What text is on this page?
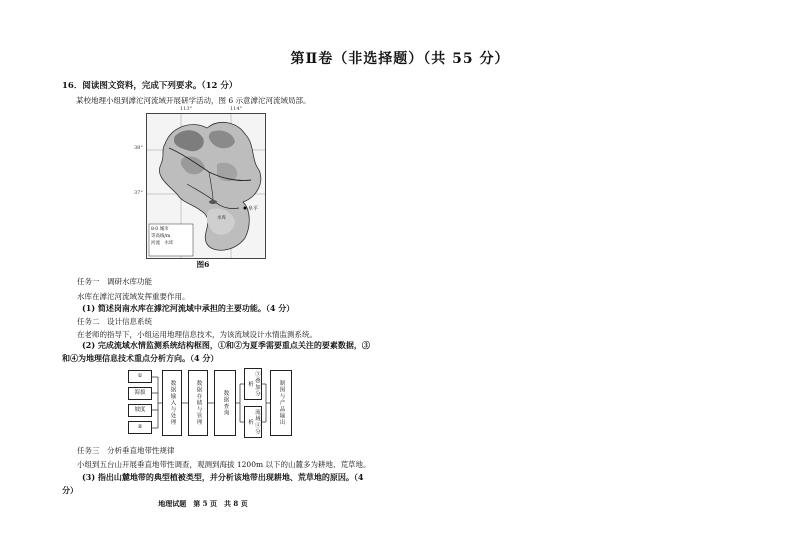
第Ⅱ卷（非选择题）（共 55 分）
16．阅读图文资料，完成下列要求。（12 分）
某校地理小组到滹沱河流域开展研学活动，图 6 示意滹沱河流域局部。
113°	114°
38°
37°
8·0 城市
等高线/m
河流　 水库
阜平
水库
图6
任务一　调研水库功能
水库在滹沱河流域发挥重要作用。
(1) 简述岗南水库在滹沱河流域中承担的主要功能。（4 分）
任务二　设计信息系统
在老师的指导下，小组运用地理信息技术，为该流域设计水情监测系统。
(2) 完成流域水情监测系统结构框图，①和②为夏季需要重点关注的要素数据，③
和④为地理信息技术重点分析方向。（4 分）
①
海拔
坡度
②
数据输入与处理	数据存储与管理	数据查询
③叠加分析
流域④分析	制图与产品输出
任务三　分析垂直地带性规律
小组到五台山开展垂直地带性调查，观测到海拔 1200m 以下的山麓多为耕地、荒草地。
(3) 指出山麓地带的典型植被类型，并分析该地带出现耕地、荒草地的原因。（4
分）
地理试题　第 5 页　共 8 页
